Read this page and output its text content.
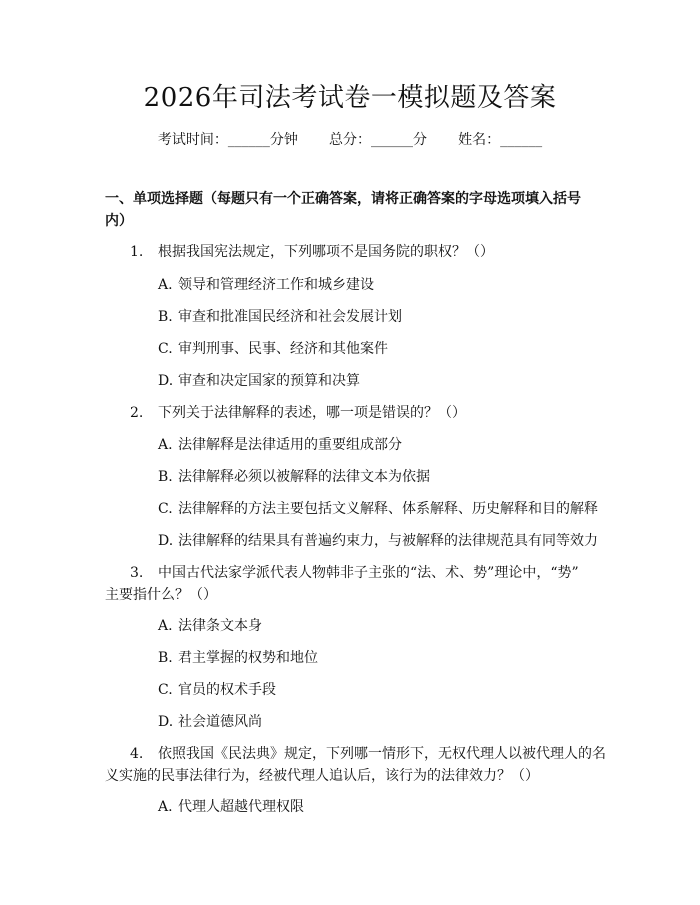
2026年司法考试卷一模拟题及答案
考试时间：______分钟 总分：______分 姓名：______
一、单项选择题（每题只有一个正确答案，请将正确答案的字母选项填入括号
内）
1. 根据我国宪法规定，下列哪项不是国务院的职权？（）
A. 领导和管理经济工作和城乡建设
B. 审查和批准国民经济和社会发展计划
C. 审判刑事、民事、经济和其他案件
D. 审查和决定国家的预算和决算
2. 下列关于法律解释的表述，哪一项是错误的？（）
A. 法律解释是法律适用的重要组成部分
B. 法律解释必须以被解释的法律文本为依据
C. 法律解释的方法主要包括文义解释、体系解释、历史解释和目的解释
D. 法律解释的结果具有普遍约束力，与被解释的法律规范具有同等效力
3. 中国古代法家学派代表人物韩非子主张的“法、术、势”理论中，“势”
主要指什么？（）
A. 法律条文本身
B. 君主掌握的权势和地位
C. 官员的权术手段
D. 社会道德风尚
4. 依照我国《民法典》规定，下列哪一情形下，无权代理人以被代理人的名
义实施的民事法律行为，经被代理人追认后，该行为的法律效力？（）
A. 代理人超越代理权限
